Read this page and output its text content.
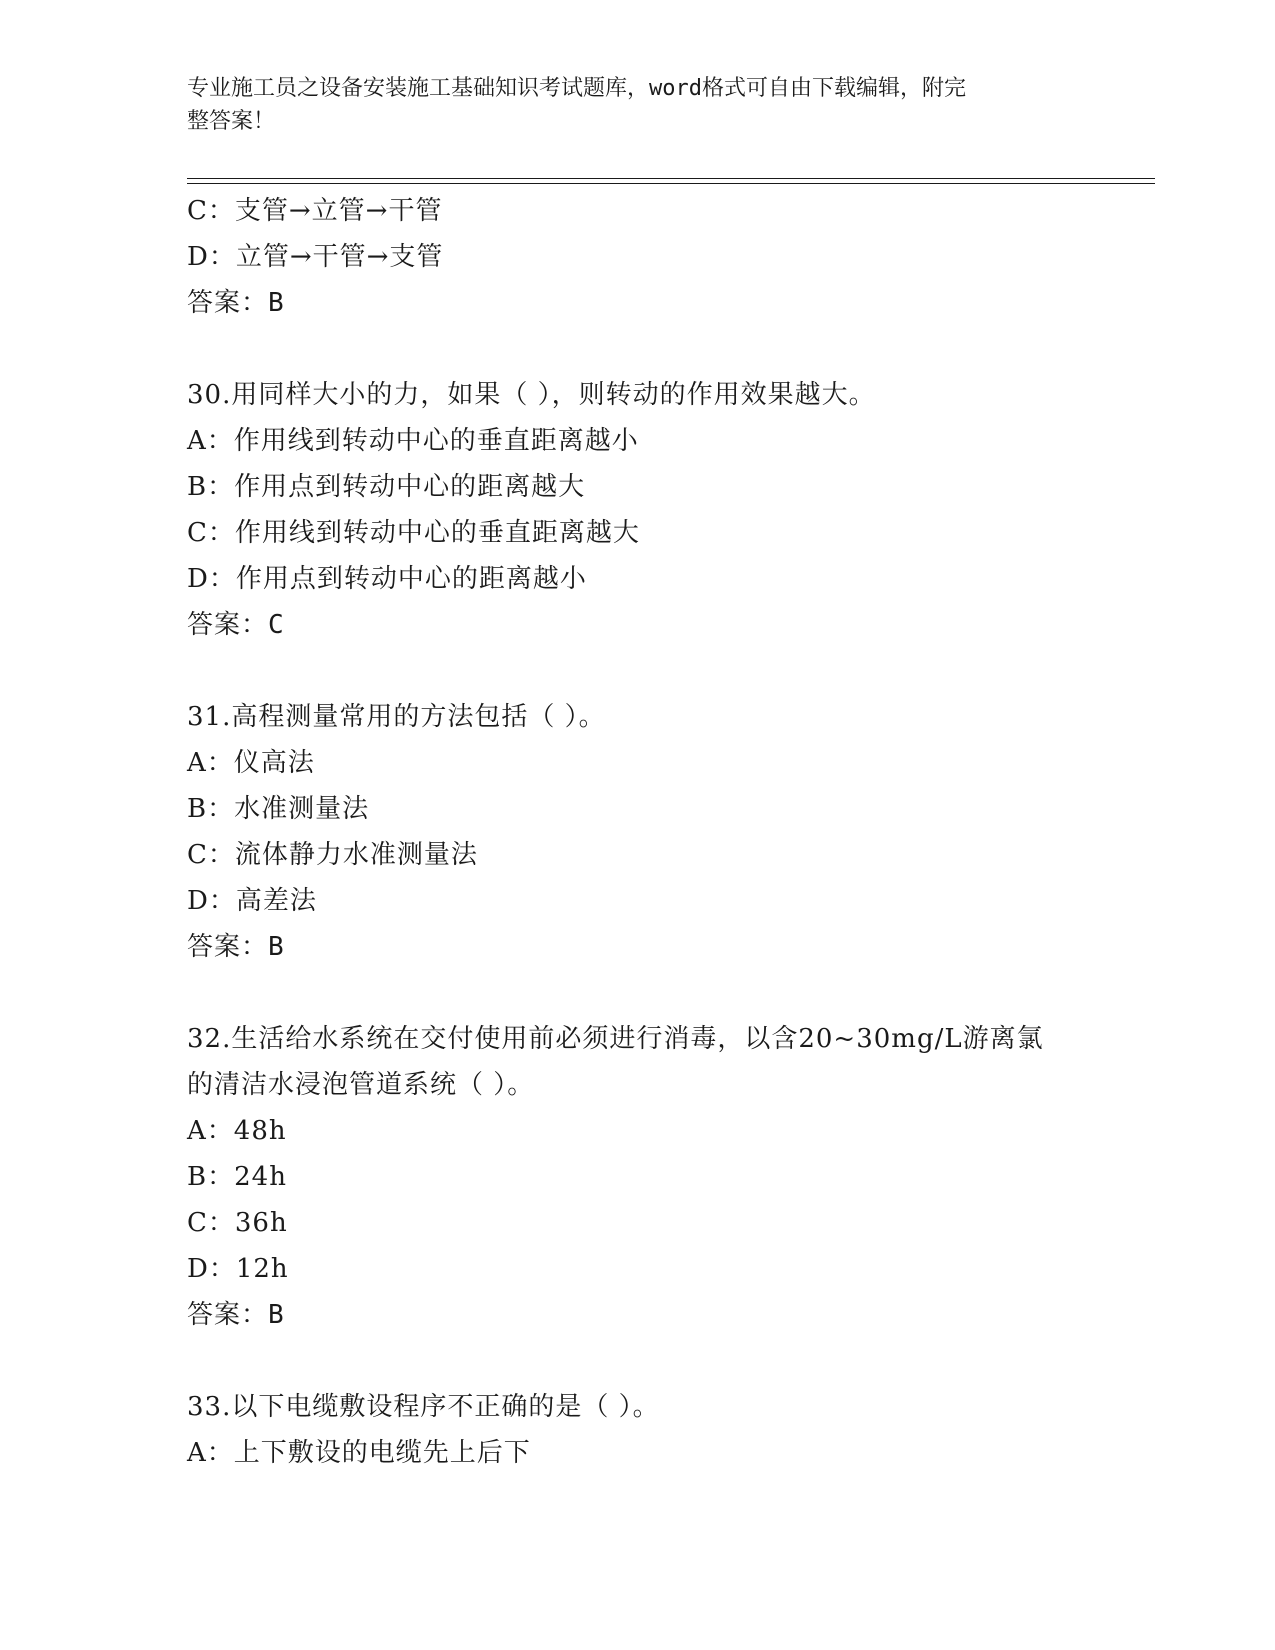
专业施工员之设备安装施工基础知识考试题库，word格式可自由下载编辑，附完
整答案！
C：支管→立管→干管
D：立管→干管→支管
答案：B
30.用同样大小的力，如果（ ），则转动的作用效果越大。
A：作用线到转动中心的垂直距离越小
B：作用点到转动中心的距离越大
C：作用线到转动中心的垂直距离越大
D：作用点到转动中心的距离越小
答案：C
31.高程测量常用的方法包括（ ）。
A：仪高法
B：水准测量法
C：流体静力水准测量法
D：高差法
答案：B
32.生活给水系统在交付使用前必须进行消毒，以含20~30mg/L游离氯
的清洁水浸泡管道系统（ ）。
A：48h
B：24h
C：36h
D：12h
答案：B
33.以下电缆敷设程序不正确的是（ ）。
A：上下敷设的电缆先上后下
